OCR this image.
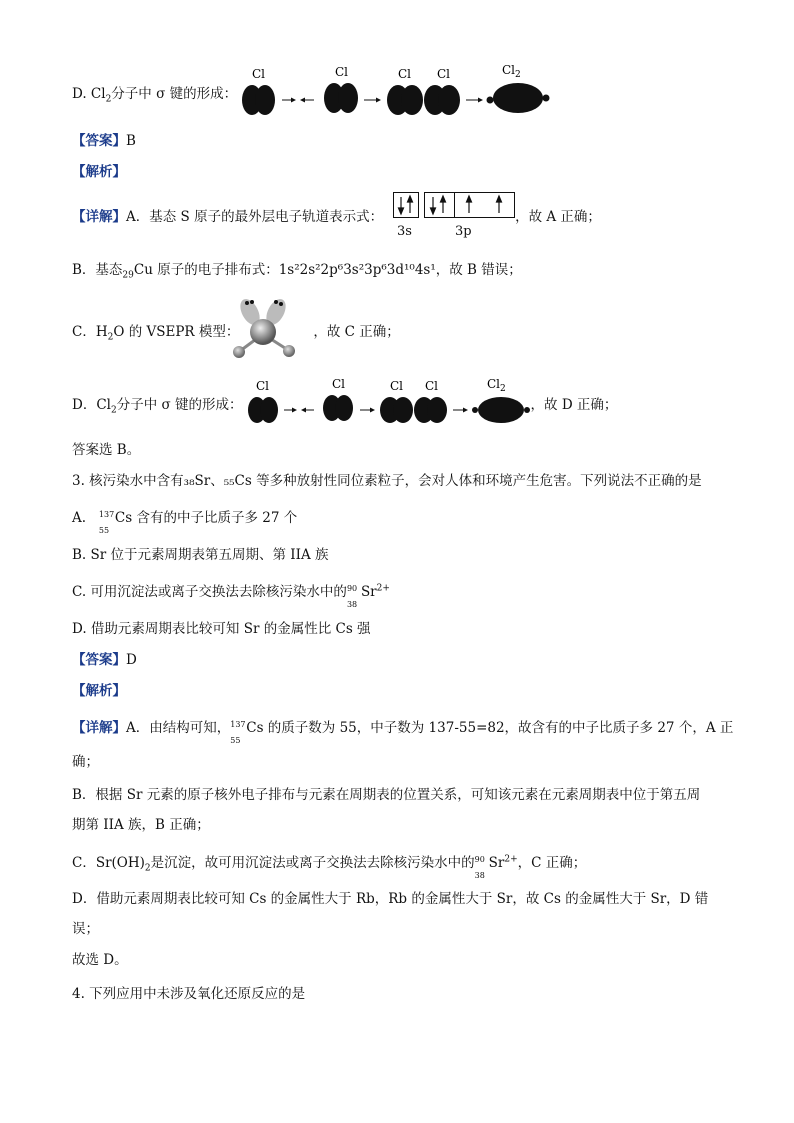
D. $Cl_2$分子中 σ 键的形成：
Cl	Cl	Cl Cl	$Cl_2$
【答案】B
【解析】
【详解】A．基态 S 原子的最外层电子轨道表示式：	，故 A 正确；
3s	3p
B．基态$_{29}$Cu 原子的电子排布式：1s²2s²2p⁶3s²3p⁶3d¹⁰4s¹，故 B 错误；
C．$H_2O$ 的 VSEPR 模型：	，故 C 正确；
D．$Cl_2$分子中 σ 键的形成：	，故 D 正确；
Cl	Cl	Cl Cl	$Cl_2$
答案选 B。
3. 核污染水中含有₃₈Sr、₅₅Cs 等多种放射性同位素粒子，会对人体和环境产生危害。下列说法不正确的是
A. 137
55
Cs 含有的中子比质子多 27 个
B. Sr 位于元素周期表第五周期、第 IIA 族
C. 可用沉淀法或离子交换法去除核污染水中的 90
38
$Sr^{2+}$
D. 借助元素周期表比较可知 Sr 的金属性比 Cs 强
【答案】D
【解析】
【详解】A．由结构可知， 137
55
Cs 的质子数为 55，中子数为 137-55=82，故含有的中子比质子多 27 个，A 正
确；
B．根据 Sr 元素的原子核外电子排布与元素在周期表的位置关系，可知该元素在元素周期表中位于第五周
期第 IIA 族，B 正确；
C．$Sr(OH)_2$是沉淀，故可用沉淀法或离子交换法去除核污染水中的 90
38
$Sr^{2+}$，C 正确；
D．借助元素周期表比较可知 Cs 的金属性大于 Rb，Rb 的金属性大于 Sr，故 Cs 的金属性大于 Sr，D 错
误；
故选 D。
4. 下列应用中未涉及氧化还原反应的是
